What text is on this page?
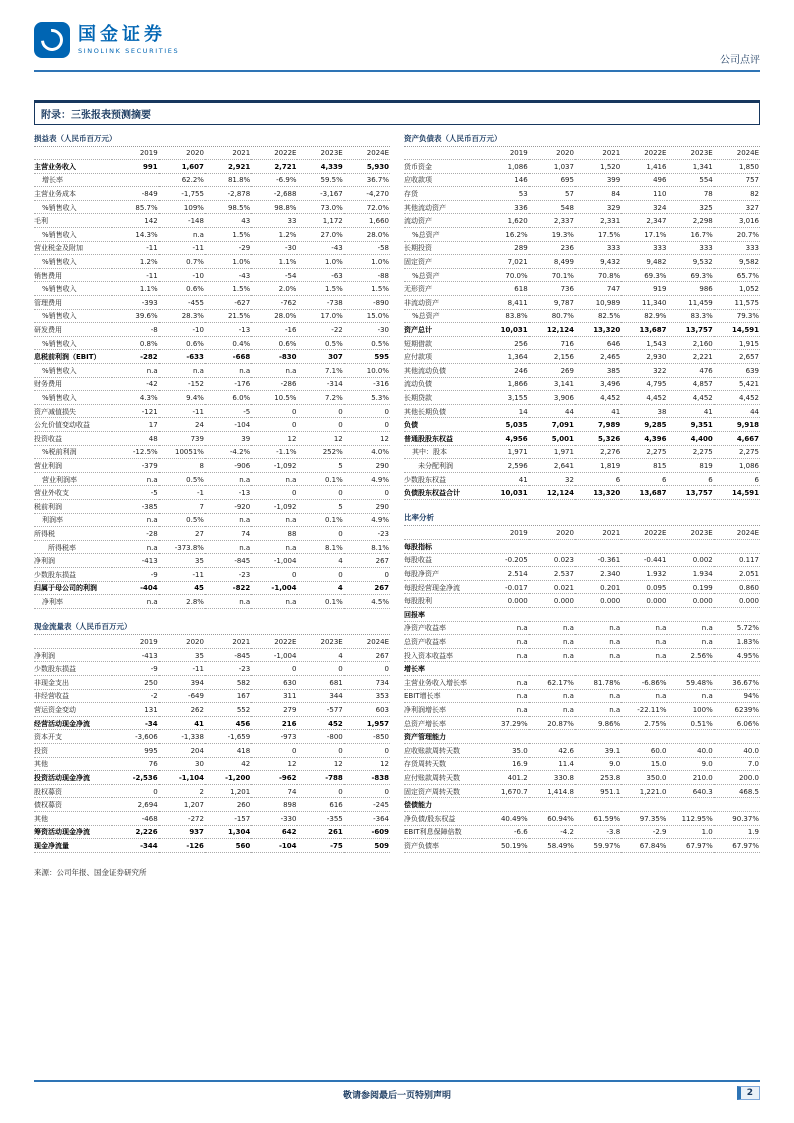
国金证券
SINOLINK SECURITIES
公司点评
附录：三张报表预测摘要
损益表（人民币百万元）
	2019	2020	2021	2022E	2023E	2024E
主营业务收入	991	1,607	2,921	2,721	4,339	5,930
增长率		62.2%	81.8%	-6.9%	59.5%	36.7%
主营业务成本	-849	-1,755	-2,878	-2,688	-3,167	-4,270
%销售收入	85.7%	109%	98.5%	98.8%	73.0%	72.0%
毛利	142	-148	43	33	1,172	1,660
%销售收入	14.3%	n.a	1.5%	1.2%	27.0%	28.0%
营业税金及附加	-11	-11	-29	-30	-43	-58
%销售收入	1.2%	0.7%	1.0%	1.1%	1.0%	1.0%
销售费用	-11	-10	-43	-54	-63	-88
%销售收入	1.1%	0.6%	1.5%	2.0%	1.5%	1.5%
管理费用	-393	-455	-627	-762	-738	-890
%销售收入	39.6%	28.3%	21.5%	28.0%	17.0%	15.0%
研发费用	-8	-10	-13	-16	-22	-30
%销售收入	0.8%	0.6%	0.4%	0.6%	0.5%	0.5%
息税前利润（EBIT）	-282	-633	-668	-830	307	595
%销售收入	n.a	n.a	n.a	n.a	7.1%	10.0%
财务费用	-42	-152	-176	-286	-314	-316
%销售收入	4.3%	9.4%	6.0%	10.5%	7.2%	5.3%
资产减值损失	-121	-11	-5	0	0	0
公允价值变动收益	17	24	-104	0	0	0
投资收益	48	739	39	12	12	12
%税前利润	-12.5%	10051%	-4.2%	-1.1%	252%	4.0%
营业利润	-379	8	-906	-1,092	5	290
营业利润率	n.a	0.5%	n.a	n.a	0.1%	4.9%
营业外收支	-5	-1	-13	0	0	0
税前利润	-385	7	-920	-1,092	5	290
利润率	n.a	0.5%	n.a	n.a	0.1%	4.9%
所得税	-28	27	74	88	0	-23
所得税率	n.a	-373.8%	n.a	n.a	8.1%	8.1%
净利润	-413	35	-845	-1,004	4	267
少数股东损益	-9	-11	-23	0	0	0
归属于母公司的利润	-404	45	-822	-1,004	4	267
净利率	n.a	2.8%	n.a	n.a	0.1%	4.5%
现金流量表（人民币百万元）
	2019	2020	2021	2022E	2023E	2024E
净利润	-413	35	-845	-1,004	4	267
少数股东损益	-9	-11	-23	0	0	0
非现金支出	250	394	582	630	681	734
非经营收益	-2	-649	167	311	344	353
营运资金变动	131	262	552	279	-577	603
经营活动现金净流	-34	41	456	216	452	1,957
资本开支	-3,606	-1,338	-1,659	-973	-800	-850
投资	995	204	418	0	0	0
其他	76	30	42	12	12	12
投资活动现金净流	-2,536	-1,104	-1,200	-962	-788	-838
股权募资	0	2	1,201	74	0	0
债权募资	2,694	1,207	260	898	616	-245
其他	-468	-272	-157	-330	-355	-364
筹资活动现金净流	2,226	937	1,304	642	261	-609
现金净流量	-344	-126	560	-104	-75	509
来源：公司年报、国金证券研究所
资产负债表（人民币百万元）
	2019	2020	2021	2022E	2023E	2024E
货币资金	1,086	1,037	1,520	1,416	1,341	1,850
应收款项	146	695	399	496	554	757
存货	53	57	84	110	78	82
其他流动资产	336	548	329	324	325	327
流动资产	1,620	2,337	2,331	2,347	2,298	3,016
%总资产	16.2%	19.3%	17.5%	17.1%	16.7%	20.7%
长期投资	289	236	333	333	333	333
固定资产	7,021	8,499	9,432	9,482	9,532	9,582
%总资产	70.0%	70.1%	70.8%	69.3%	69.3%	65.7%
无形资产	618	736	747	919	986	1,052
非流动资产	8,411	9,787	10,989	11,340	11,459	11,575
%总资产	83.8%	80.7%	82.5%	82.9%	83.3%	79.3%
资产总计	10,031	12,124	13,320	13,687	13,757	14,591
短期借款	256	716	646	1,543	2,160	1,915
应付款项	1,364	2,156	2,465	2,930	2,221	2,657
其他流动负债	246	269	385	322	476	639
流动负债	1,866	3,141	3,496	4,795	4,857	5,421
长期贷款	3,155	3,906	4,452	4,452	4,452	4,452
其他长期负债	14	44	41	38	41	44
负债	5,035	7,091	7,989	9,285	9,351	9,918
普通股股东权益	4,956	5,001	5,326	4,396	4,400	4,667
其中：股本	1,971	1,971	2,276	2,275	2,275	2,275
未分配利润	2,596	2,641	1,819	815	819	1,086
少数股东权益	41	32	6	6	6	6
负债股东权益合计	10,031	12,124	13,320	13,687	13,757	14,591
比率分析
	2019	2020	2021	2022E	2023E	2024E
每股指标						
每股收益	-0.205	0.023	-0.361	-0.441	0.002	0.117
每股净资产	2.514	2.537	2.340	1.932	1.934	2.051
每股经营现金净流	-0.017	0.021	0.201	0.095	0.199	0.860
每股股利	0.000	0.000	0.000	0.000	0.000	0.000
回报率						
净资产收益率	n.a	n.a	n.a	n.a	n.a	5.72%
总资产收益率	n.a	n.a	n.a	n.a	n.a	1.83%
投入资本收益率	n.a	n.a	n.a	n.a	2.56%	4.95%
增长率						
主营业务收入增长率	n.a	62.17%	81.78%	-6.86%	59.48%	36.67%
EBIT增长率	n.a	n.a	n.a	n.a	n.a	94%
净利润增长率	n.a	n.a	n.a	-22.11%	100%	6239%
总资产增长率	37.29%	20.87%	9.86%	2.75%	0.51%	6.06%
资产管理能力						
应收账款周转天数	35.0	42.6	39.1	60.0	40.0	40.0
存货周转天数	16.9	11.4	9.0	15.0	9.0	7.0
应付账款周转天数	401.2	330.8	253.8	350.0	210.0	200.0
固定资产周转天数	1,670.7	1,414.8	951.1	1,221.0	640.3	468.5
偿债能力						
净负债/股东权益	40.49%	60.94%	61.59%	97.35%	112.95%	90.37%
EBIT利息保障倍数	-6.6	-4.2	-3.8	-2.9	1.0	1.9
资产负债率	50.19%	58.49%	59.97%	67.84%	67.97%	67.97%
敬请参阅最后一页特别声明	2
